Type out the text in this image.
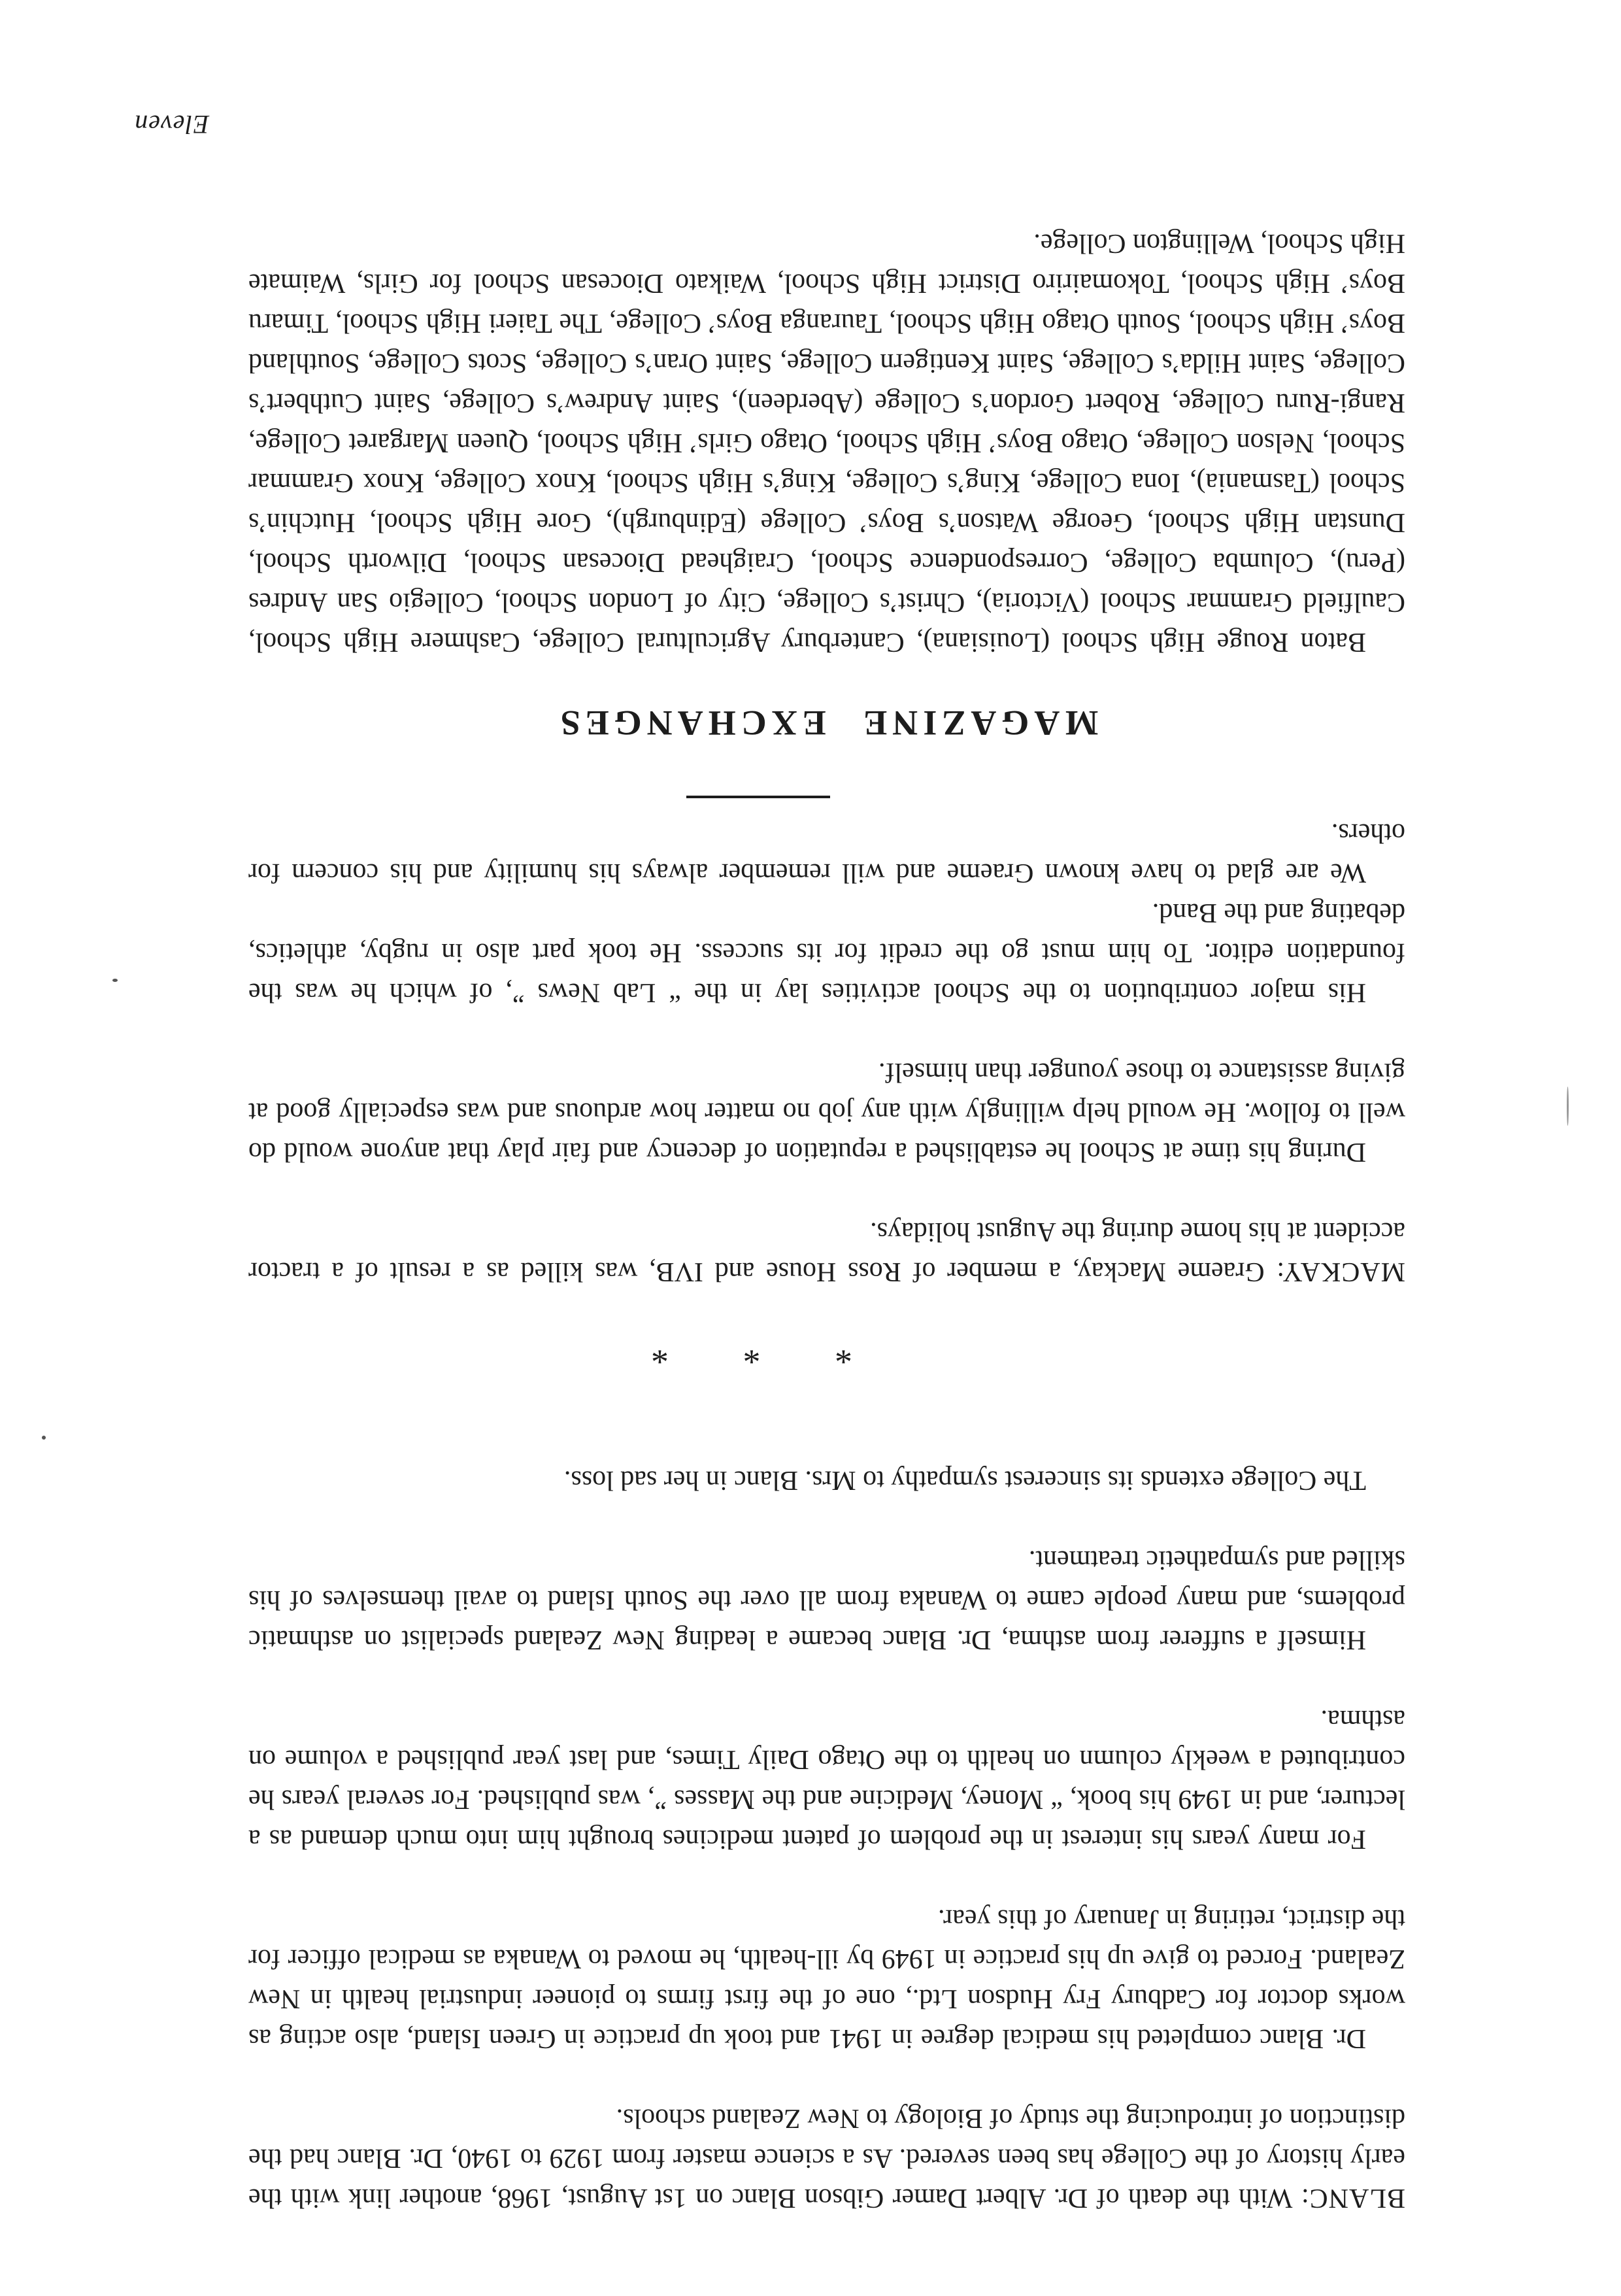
BLANC: With the death of Dr. Albert Damer Gibson Blanc on 1st August, 1968, another link with the early history of the College has been severed. As a science master from 1929 to 1940, Dr. Blanc had the distinction of introducing the study of Biology to New Zealand schools.

Dr. Blanc completed his medical degree in 1941 and took up practice in Green Island, also acting as works doctor for Cadbury Fry Hudson Ltd., one of the first firms to pioneer industrial health in New Zealand. Forced to give up his practice in 1949 by ill-health, he moved to Wanaka as medical officer for the district, retiring in January of this year.

For many years his interest in the problem of patent medicines brought him into much demand as a lecturer, and in 1949 his book, “ Money, Medicine and the Masses ”, was published. For several years he contributed a weekly column on health to the Otago Daily Times, and last year published a volume on asthma.

Himself a sufferer from asthma, Dr. Blanc became a leading New Zealand specialist on asthmatic problems, and many people came to Wanaka from all over the South Island to avail themselves of his skilled and sympathetic treatment.

The College extends its sincerest sympathy to Mrs. Blanc in her sad loss.

* * *

MACKAY: Graeme Mackay, a member of Ross House and IVB, was killed as a result of a tractor accident at his home during the August holidays.

During his time at School he established a reputation of decency and fair play that anyone would do well to follow. He would help willingly with any job no matter how arduous and was especially good at giving assistance to those younger than himself.

His major contribution to the School activities lay in the “ Lab News ”, of which he was the foundation editor. To him must go the credit for its success. He took part also in rugby, athletics, debating and the Band.

We are glad to have known Graeme and will remember always his humility and his concern for others.

MAGAZINE EXCHANGES

Baton Rouge High School (Louisiana), Canterbury Agricultural College, Cashmere High School, Caulfield Grammar School (Victoria), Christ’s College, City of London School, Collegio San Andres (Peru), Columba College, Correspondence School, Craighead Diocesan School, Dilworth School, Dunstan High School, George Watson’s Boys’ College (Edinburgh), Gore High School, Hutchin’s School (Tasmania), Iona College, King’s College, King’s High School, Knox College, Knox Grammar School, Nelson College, Otago Boys’ High School, Otago Girls’ High School, Queen Margaret College, Rangi-Ruru College, Robert Gordon’s College (Aberdeen), Saint Andrew’s College, Saint Cuthbert’s College, Saint Hilda’s College, Saint Kentigern College, Saint Oran’s College, Scots College, Southland Boys’ High School, South Otago High School, Tauranga Boys’ College, The Taieri High School, Timaru Boys’ High School, Tokomairiro District High School, Waikato Diocesan School for Girls, Waimate High School, Wellington College.

Eleven
